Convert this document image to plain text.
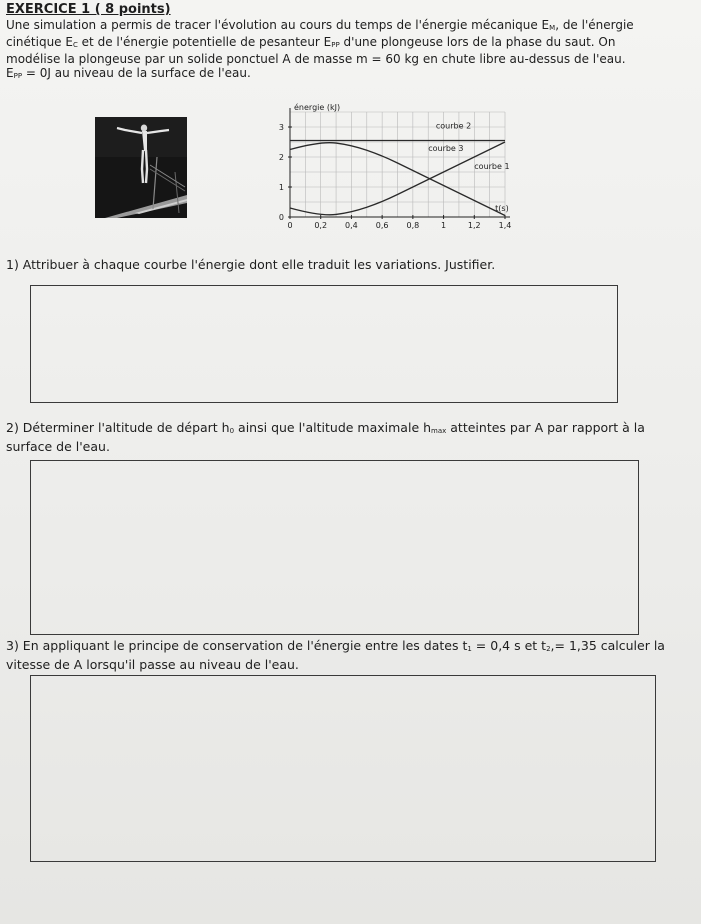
EXERCICE 1 ( 8 points)
Une simulation a permis de tracer l'évolution au cours du temps de l'énergie mécanique $E_M$, de l'énergie
cinétique $E_C$ et de l'énergie potentielle de pesanteur $E_{PP}$ d'une plongeuse lors de la phase du saut. On
modélise la plongeuse par un solide ponctuel A de masse m = 60 kg en chute libre au-dessus de l'eau.
$E_{PP} = 0J$ au niveau de la surface de l'eau.
0	0,2 0,4 0,6 0,8	1	1,2 1,4
0
1
2
3
énergie (kJ)
t(s)
courbe 1
courbe 2
courbe 3
1) Attribuer à chaque courbe l'énergie dont elle traduit les variations. Justifier.
2) Déterminer l'altitude de départ $h_0$ ainsi que l'altitude maximale $h_{max}$ atteintes par A par rapport à la
surface de l'eau.
3) En appliquant le principe de conservation de l'énergie entre les dates $t_1 = 0,4$ s et $t_2,= 1,35$ calculer la
vitesse de A lorsqu'il passe au niveau de l'eau.
